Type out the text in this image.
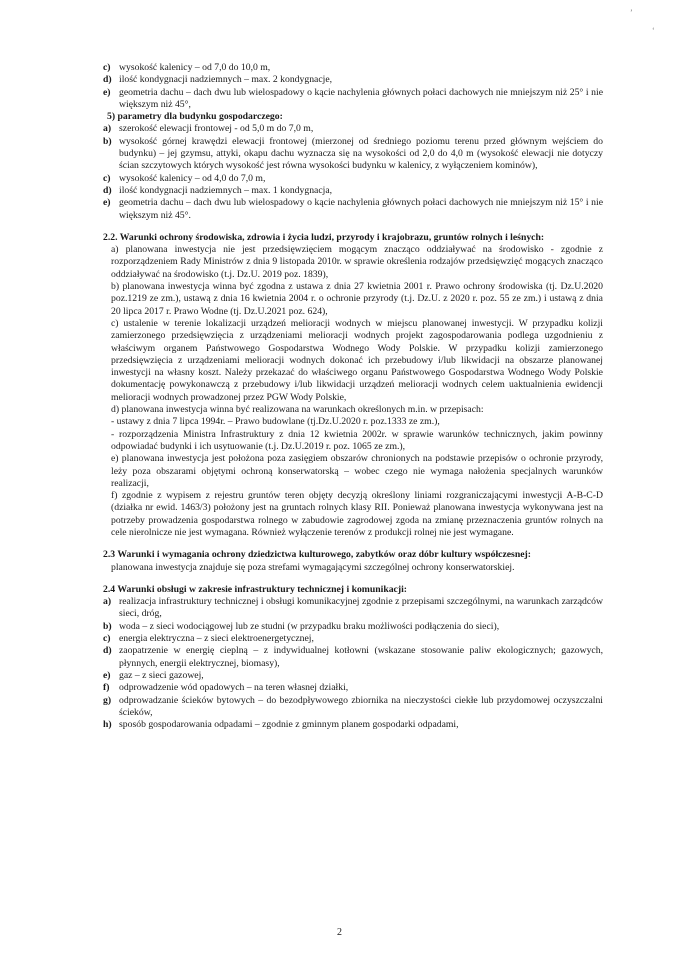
’
ʻ
c) wysokość kalenicy – od 7,0 do 10,0 m,
d) ilość kondygnacji nadziemnych – max. 2 kondygnacje,
e) geometria dachu – dach dwu lub wielospadowy o kącie nachylenia głównych połaci dachowych nie mniejszym niż 25° i nie większym niż 45°,
5) parametry dla budynku gospodarczego:
a) szerokość elewacji frontowej - od 5,0 m do 7,0 m,
b) wysokość górnej krawędzi elewacji frontowej (mierzonej od średniego poziomu terenu przed głównym wejściem do budynku) – jej gzymsu, attyki, okapu dachu wyznacza się na wysokości od 2,0 do 4,0 m (wysokość elewacji nie dotyczy ścian szczytowych których wysokość jest równa wysokości budynku w kalenicy, z wyłączeniem kominów),
c) wysokość kalenicy – od 4,0 do 7,0 m,
d) ilość kondygnacji nadziemnych – max. 1 kondygnacja,
e) geometria dachu – dach dwu lub wielospadowy o kącie nachylenia głównych połaci dachowych nie mniejszym niż 15° i nie większym niż 45°.
2.2. Warunki ochrony środowiska, zdrowia i życia ludzi, przyrody i krajobrazu, gruntów rolnych i leśnych:
a) planowana inwestycja nie jest przedsięwzięciem mogącym znacząco oddziaływać na środowisko - zgodnie z rozporządzeniem Rady Ministrów z dnia 9 listopada 2010r. w sprawie określenia rodzajów przedsięwzięć mogących znacząco oddziaływać na środowisko (t.j. Dz.U. 2019 poz. 1839),
b) planowana inwestycja winna być zgodna z ustawa z dnia 27 kwietnia 2001 r. Prawo ochrony środowiska (tj. Dz.U.2020 poz.1219 ze zm.), ustawą z dnia 16 kwietnia 2004 r. o ochronie przyrody (t.j. Dz.U. z 2020 r. poz. 55 ze zm.) i ustawą z dnia 20 lipca 2017 r. Prawo Wodne (tj. Dz.U.2021 poz. 624),
c) ustalenie w terenie lokalizacji urządzeń melioracji wodnych w miejscu planowanej inwestycji. W przypadku kolizji zamierzonego przedsięwzięcia z urządzeniami melioracji wodnych projekt zagospodarowania podlega uzgodnieniu z właściwym organem Państwowego Gospodarstwa Wodnego Wody Polskie. W przypadku kolizji zamierzonego przedsięwzięcia z urządzeniami melioracji wodnych dokonać ich przebudowy i/lub likwidacji na obszarze planowanej inwestycji na własny koszt. Należy przekazać do właściwego organu Państwowego Gospodarstwa Wodnego Wody Polskie dokumentację powykonawczą z przebudowy i/lub likwidacji urządzeń melioracji wodnych celem uaktualnienia ewidencji melioracji wodnych prowadzonej przez PGW Wody Polskie,
d) planowana inwestycja winna być realizowana na warunkach określonych m.in. w przepisach:
- ustawy z dnia 7 lipca 1994r. – Prawo budowlane (tj.Dz.U.2020 r. poz.1333 ze zm.),
- rozporządzenia Ministra Infrastruktury z dnia 12 kwietnia 2002r. w sprawie warunków technicznych, jakim powinny odpowiadać budynki i ich usytuowanie (t.j. Dz.U.2019 r. poz. 1065 ze zm.),
e) planowana inwestycja jest położona poza zasięgiem obszarów chronionych na podstawie przepisów o ochronie przyrody, leży poza obszarami objętymi ochroną konserwatorską – wobec czego nie wymaga nałożenia specjalnych warunków realizacji,
f) zgodnie z wypisem z rejestru gruntów teren objęty decyzją określony liniami rozgraniczającymi inwestycji A-B-C-D (działka nr ewid. 1463/3) położony jest na gruntach rolnych klasy RII. Ponieważ planowana inwestycja wykonywana jest na potrzeby prowadzenia gospodarstwa rolnego w zabudowie zagrodowej zgoda na zmianę przeznaczenia gruntów rolnych na cele nierolnicze nie jest wymagana. Również wyłączenie terenów z produkcji rolnej nie jest wymagane.
2.3 Warunki i wymagania ochrony dziedzictwa kulturowego, zabytków oraz dóbr kultury współczesnej:
planowana inwestycja znajduje się poza strefami wymagającymi szczególnej ochrony konserwatorskiej.
2.4 Warunki obsługi w zakresie infrastruktury technicznej i komunikacji:
a) realizacja infrastruktury technicznej i obsługi komunikacyjnej zgodnie z przepisami szczególnymi, na warunkach zarządców sieci, dróg,
b) woda – z sieci wodociągowej lub ze studni (w przypadku braku możliwości podłączenia do sieci),
c) energia elektryczna – z sieci elektroenergetycznej,
d) zaopatrzenie w energię cieplną – z indywidualnej kotłowni (wskazane stosowanie paliw ekologicznych; gazowych, płynnych, energii elektrycznej, biomasy),
e) gaz – z sieci gazowej,
f) odprowadzenie wód opadowych – na teren własnej działki,
g) odprowadzanie ścieków bytowych – do bezodpływowego zbiornika na nieczystości ciekłe lub przydomowej oczyszczalni ścieków,
h) sposób gospodarowania odpadami – zgodnie z gminnym planem gospodarki odpadami,
2
